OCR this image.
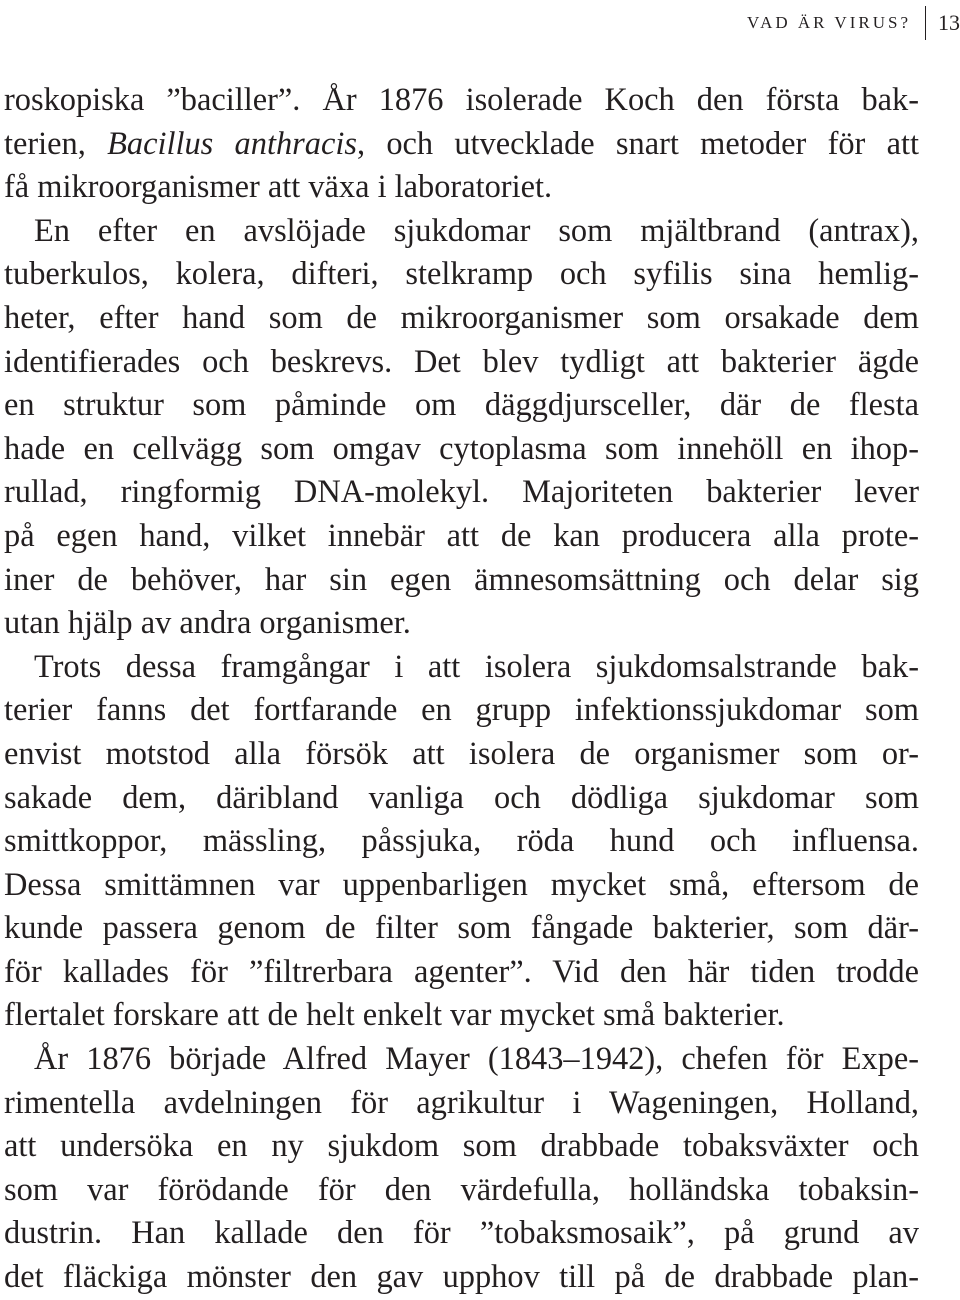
VAD ÄR VIRUS?	13

roskopiska ”baciller”. År 1876 isolerade Koch den första bak-
terien, Bacillus anthracis, och utvecklade snart metoder för att
få mikroorganismer att växa i laboratoriet.

En efter en avslöjade sjukdomar som mjältbrand (antrax),
tuberkulos, kolera, difteri, stelkramp och syfilis sina hemlig-
heter, efter hand som de mikroorganismer som orsakade dem
identifierades och beskrevs. Det blev tydligt att bakterier ägde
en struktur som påminde om däggdjursceller, där de flesta
hade en cellvägg som omgav cytoplasma som innehöll en ihop-
rullad, ringformig DNA-molekyl. Majoriteten bakterier lever
på egen hand, vilket innebär att de kan producera alla prote-
iner de behöver, har sin egen ämnesomsättning och delar sig
utan hjälp av andra organismer.

Trots dessa framgångar i att isolera sjukdomsalstrande bak-
terier fanns det fortfarande en grupp infektionssjukdomar som
envist motstod alla försök att isolera de organismer som or-
sakade dem, däribland vanliga och dödliga sjukdomar som
smittkoppor, mässling, påssjuka, röda hund och influensa.
Dessa smittämnen var uppenbarligen mycket små, eftersom de
kunde passera genom de filter som fångade bakterier, som där-
för kallades för ”filtrerbara agenter”. Vid den här tiden trodde
flertalet forskare att de helt enkelt var mycket små bakterier.

År 1876 började Alfred Mayer (1843–1942), chefen för Expe-
rimentella avdelningen för agrikultur i Wageningen, Holland,
att undersöka en ny sjukdom som drabbade tobaksväxter och
som var förödande för den värdefulla, holländska tobaksin-
dustrin. Han kallade den för ”tobaksmosaik”, på grund av
det fläckiga mönster den gav upphov till på de drabbade plan-
